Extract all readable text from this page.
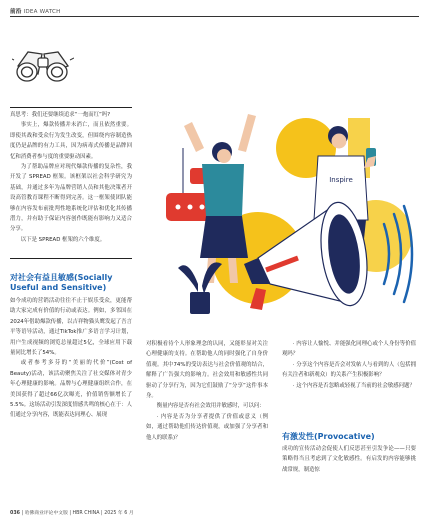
前沿 IDEA WATCH

真思考：我们还要继续追求“一炮而红”吗?

事实上，爆款传播并未消亡，而且依然重要。即使其战和受众行为发生改变，但围绕内容制造热度仍是品牌的有力工具，因为病毒式传播是品牌回忆和消费者参与度的重要驱动因素。

为了帮助品牌应对现代爆款传播的复杂性，我开发了 SPREAD 框架。该框架以社会科学研究为基础，并通过多年为品牌营销人员和其他决策者开设高管教育课程不断得到完善。这一框架使团队能够在内容发布前批判性地系统化评估和优化其传播潜力，并有助于保证内容创作既能有影响力又适合分享。

以下是 SPREAD 框架的六个维度。

对社会有益且敏感(Socially Useful and Sensitive)

如今成功的营销活动往往不止于娱乐受众，更能帮助大家完成有价值的行动或表达。例如，多邻国在2024年借助爆款传播，以吉祥物猫头鹰发起了吾言平等语导活动，通过TikTok推广多语言学习计划，用户生成视频的浏览总量超过5亿，全球应用下载量同比增长了54%。

或者参考多芬的“美丽的代价”(Cost of Beauty)活动，该活动聚焦关注了社交媒体对青少年心理健康的影响。品牌与心理健康组织合作，在美国获得了超过66亿次曝光，价值销售额增长了5.5%。这场活动引发深度情感共鸣的核心在于：人们通过分享内容，既能表达同理心、展现

对积极看待个人形象理念的认同，又能彰显对关注心理健康的支持。在帮助他人的同时强化了自身价值观。其中74%的受访表达与社会价值观的结合，解释了广告强大的影响力。社会效用和敏感性共同驱动了分享行为，因为它们鼓励了“分享”这件事本身。

衡量内容是否有社会效用并敏感时，可以问：

· 内容是否为分享者提供了价值或意义（例如，通过帮助他们传达价值观，或加强了分享者和他人的联系)？

· 内容让人愉悦、并能强化同理心或个人身份等价值观吗？

· 分享这个内容是否会对发帖人与看到的人（包括拥有关注者和新观众）的关系产生积极影响？

· 这个内容是否忽略或轻视了当前的社会敏感问题？

有激发性(Provocative)

成功的宣传活动会促使人们反思甚至引发争论——只要策略得当且考虑到了文化敏感性。有启发的内容能够挑战常规，制造惊

Inspire
036 | 哈佛商业评论中文版 | HBR CHINA | 2025 年 6 月
